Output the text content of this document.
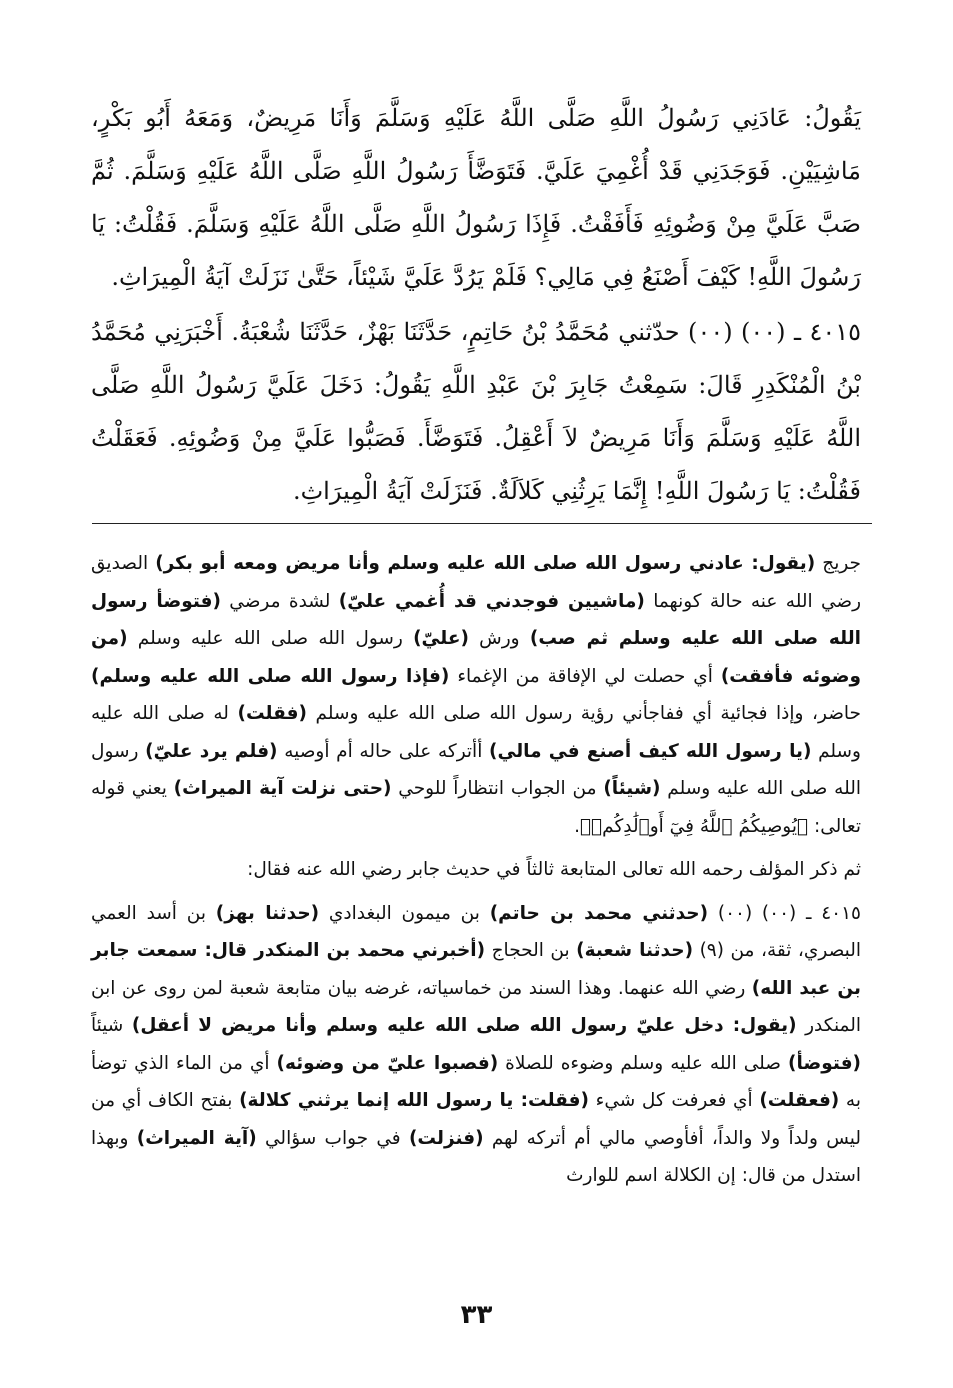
يَقُولُ: عَادَنِي رَسُولُ اللَّهِ صَلَّى اللَّهُ عَلَيْهِ وَسَلَّمَ وَأَنَا مَرِيضٌ، وَمَعَهُ أَبُو بَكْرٍ، مَاشِيَيْنِ. فَوَجَدَنِي قَدْ أُغْمِيَ عَلَيَّ. فَتَوَضَّأَ رَسُولُ اللَّهِ صَلَّى اللَّهُ عَلَيْهِ وَسَلَّمَ. ثُمَّ صَبَّ عَلَيَّ مِنْ وَضُوئِهِ فَأَفَقْتُ. فَإِذَا رَسُولُ اللَّهِ صَلَّى اللَّهُ عَلَيْهِ وَسَلَّمَ. فَقُلْتُ: يَا رَسُولَ اللَّهِ! كَيْفَ أَصْنَعُ فِي مَالِي؟ فَلَمْ يَرُدَّ عَلَيَّ شَيْئاً، حَتَّىٰ نَزَلَتْ آيَةُ الْمِيرَاثِ.

٤٠١٥ ـ (٠٠) (٠٠) حدّثني مُحَمَّدُ بْنُ حَاتِمٍ، حَدَّثَنَا بَهْزٌ، حَدَّثَنَا شُعْبَةُ. أَخْبَرَنِي مُحَمَّدُ بْنُ الْمُنْكَدِرِ قَالَ: سَمِعْتُ جَابِرَ بْنَ عَبْدِ اللَّهِ يَقُولُ: دَخَلَ عَلَيَّ رَسُولُ اللَّهِ صَلَّى اللَّهُ عَلَيْهِ وَسَلَّمَ وَأَنَا مَرِيضٌ لاَ أَعْقِلُ. فَتَوَضَّأَ. فَصَبُّوا عَلَيَّ مِنْ وَضُوئِهِ. فَعَقَلْتُ فَقُلْتُ: يَا رَسُولَ اللَّهِ! إِنَّمَا يَرِثُنِي كَلاَلَةٌ. فَنَزَلَتْ آيَةُ الْمِيرَاثِ.

جريج (يقول: عادني رسول الله صلى الله عليه وسلم وأنا مريض ومعه أبو بكر) الصديق رضي الله عنه حالة كونهما (ماشيين فوجدني قد أُغمي عليّ) لشدة مرضي (فتوضأ رسول الله صلى الله عليه وسلم ثم صب) ورش (عليّ) رسول الله صلى الله عليه وسلم (من وضوئه فأفقت) أي حصلت لي الإفاقة من الإغماء (فإذا رسول الله صلى الله عليه وسلم) حاضر، وإذا فجائية أي ففاجأني رؤية رسول الله صلى الله عليه وسلم (فقلت) له صلى الله عليه وسلم (يا رسول الله كيف أصنع في مالي) أأتركه على حاله أم أوصيه (فلم يرد عليّ) رسول الله صلى الله عليه وسلم (شيئاً) من الجواب انتظاراً للوحي (حتى نزلت آية الميراث) يعني قوله تعالى: ﴿يُوصِيكُمُ ٱللَّهُ فِيٓ أَوۡلَٰدِكُمۡ﴾.

ثم ذكر المؤلف رحمه الله تعالى المتابعة ثالثاً في حديث جابر رضي الله عنه فقال:

٤٠١٥ ـ (٠٠) (٠٠) (حدثني محمد بن حاتم) بن ميمون البغدادي (حدثنا بهز) بن أسد العمي البصري، ثقة، من (٩) (حدثنا شعبة) بن الحجاج (أخبرني محمد بن المنكدر قال: سمعت جابر بن عبد الله) رضي الله عنهما. وهذا السند من خماسياته، غرضه بيان متابعة شعبة لمن روى عن ابن المنكدر (يقول: دخل عليّ رسول الله صلى الله عليه وسلم وأنا مريض لا أعقل) شيئاً (فتوضأ) صلى الله عليه وسلم وضوءه للصلاة (فصبوا عليّ من وضوئه) أي من الماء الذي توضأ به (فعقلت) أي فعرفت كل شيء (فقلت: يا رسول الله إنما يرثني كلالة) بفتح الكاف أي من ليس ولداً ولا والداً، أفأوصي مالي أم أتركه لهم (فنزلت) في جواب سؤالي (آية الميراث) وبهذا استدل من قال: إن الكلالة اسم للوارث

٣٣
